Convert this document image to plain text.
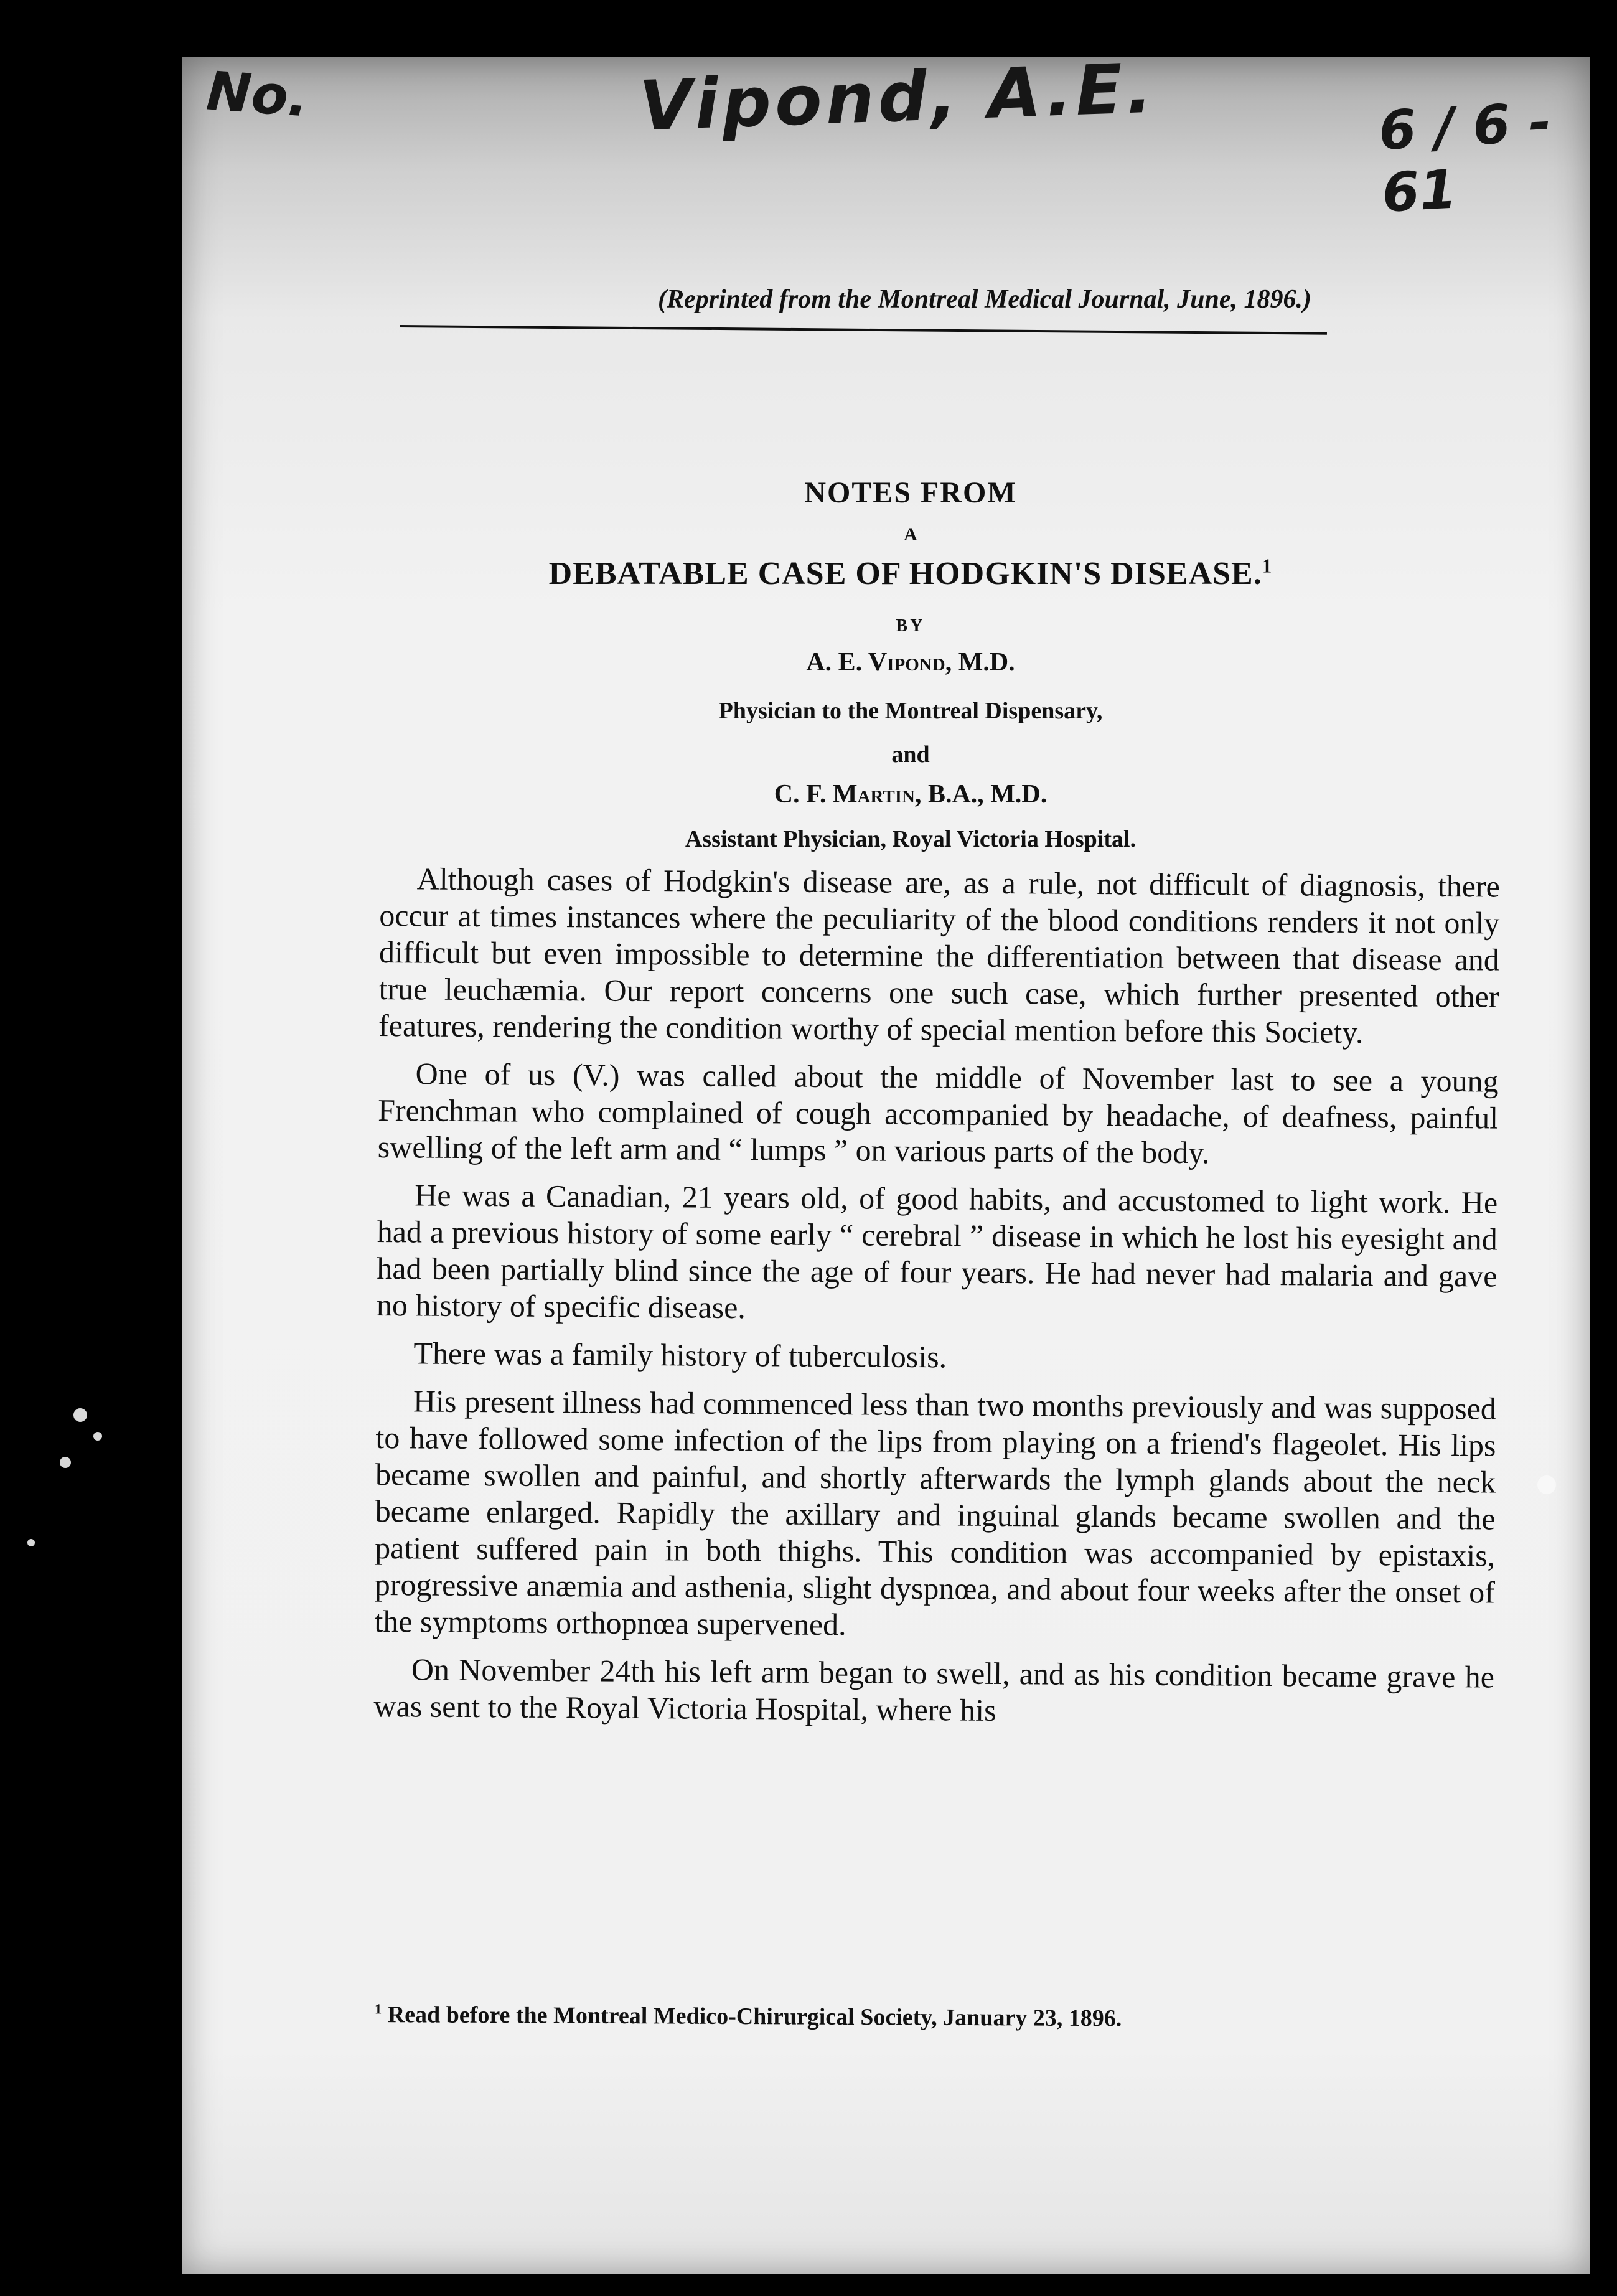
No.	Vipond, A.E.	6 / 6 - 61
(Reprinted from the Montreal Medical Journal, June, 1896.)
NOTES FROM
A
DEBATABLE CASE OF HODGKIN'S DISEASE.$^1$
BY
A. E. Vipond, M.D.
Physician to the Montreal Dispensary,
and
C. F. Martin, B.A., M.D.
Assistant Physician, Royal Victoria Hospital.

Although cases of Hodgkin's disease are, as a rule, not difficult of diagnosis, there occur at times instances where the peculiarity of the blood conditions renders it not only difficult but even impossible to determine the differentiation between that disease and true leuchæmia. Our report concerns one such case, which further presented other features, rendering the condition worthy of special mention before this Society.

One of us (V.) was called about the middle of November last to see a young Frenchman who complained of cough accompanied by headache, of deafness, painful swelling of the left arm and “ lumps ” on various parts of the body.

He was a Canadian, 21 years old, of good habits, and accustomed to light work. He had a previous history of some early “ cerebral ” disease in which he lost his eyesight and had been partially blind since the age of four years. He had never had malaria and gave no history of specific disease.

There was a family history of tuberculosis.

His present illness had commenced less than two months previously and was supposed to have followed some infection of the lips from playing on a friend's flageolet. His lips became swollen and painful, and shortly afterwards the lymph glands about the neck became enlarged. Rapidly the axillary and inguinal glands became swollen and the patient suffered pain in both thighs. This condition was accompanied by epistaxis, progressive anæmia and asthenia, slight dyspnœa, and about four weeks after the onset of the symptoms orthopnœa supervened.

On November 24th his left arm began to swell, and as his condition became grave he was sent to the Royal Victoria Hospital, where his

$^1$ Read before the Montreal Medico-Chirurgical Society, January 23, 1896.
